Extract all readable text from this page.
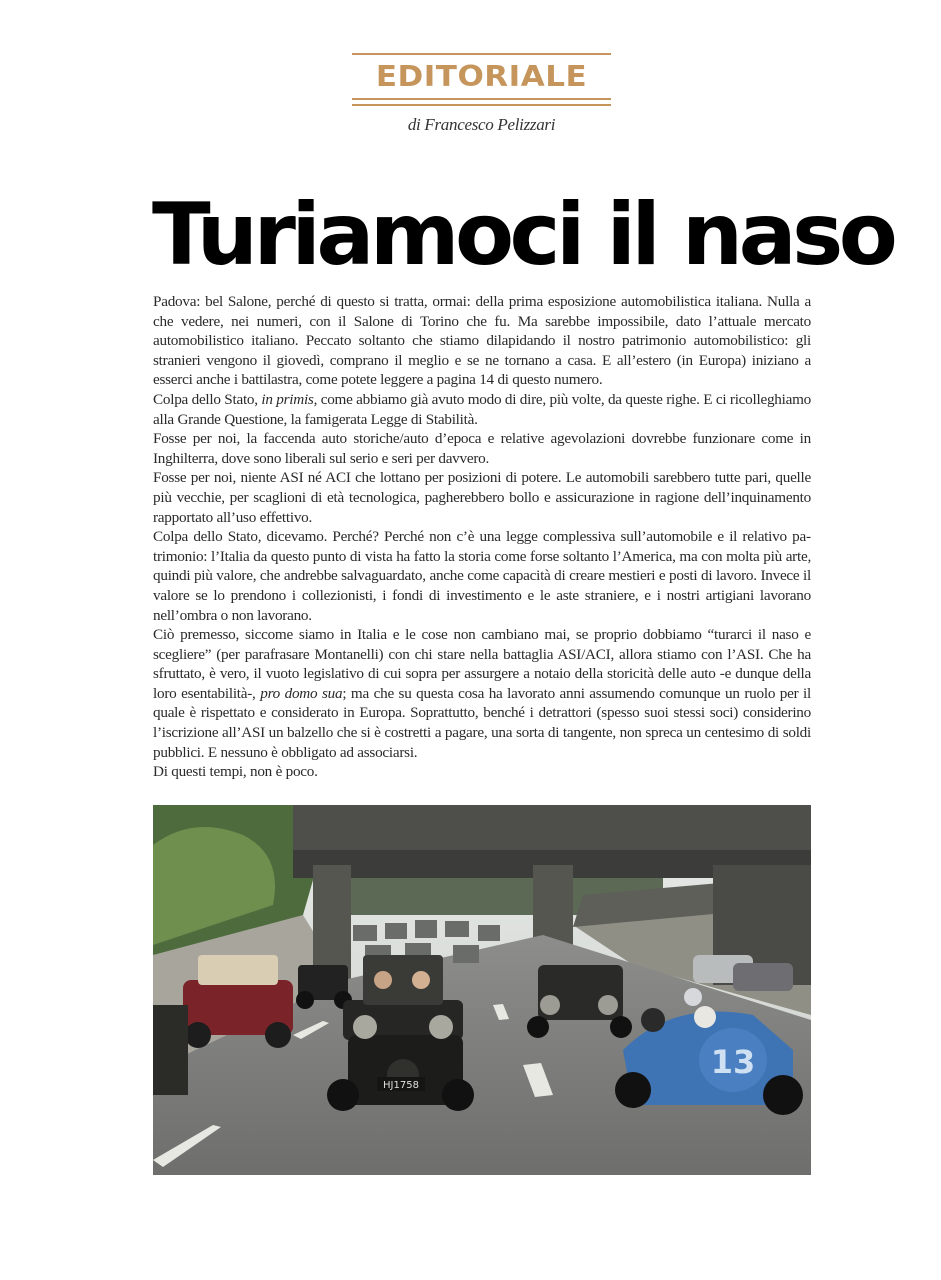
EDITORIALE
di Francesco Pelizzari
Turiamoci il naso

Padova: bel Salone, perché di questo si tratta, ormai: della prima esposizione automobilistica italiana. Nulla a che vedere, nei numeri, con il Salone di Torino che fu. Ma sarebbe impossibile, dato l’attuale mercato automobilistico italiano. Peccato soltanto che stiamo dilapidando il nostro patrimonio automobilistico: gli stranieri vengono il giovedì, comprano il meglio e se ne tornano a casa. E all’estero (in Europa) iniziano a esserci anche i battilastra, come potete leggere a pagina 14 di questo numero.

Colpa dello Stato, in primis, come abbiamo già avuto modo di dire, più volte, da queste righe. E ci ricolleghiamo alla Grande Questione, la famigerata Legge di Stabilità.

Fosse per noi, la faccenda auto storiche/auto d’epoca e relative agevolazioni dovrebbe funzionare come in Inghilterra, dove sono liberali sul serio e seri per davvero.

Fosse per noi, niente ASI né ACI che lottano per posizioni di potere. Le automobili sarebbero tutte pari, quelle più vecchie, per scaglioni di età tecnologica, pagherebbero bollo e assicurazione in ragione dell’inquinamento rapportato all’uso effettivo.

Colpa dello Stato, dicevamo. Perché? Perché non c’è una legge complessiva sull’automobile e il relativo patrimonio: l’Italia da questo punto di vista ha fatto la storia come forse soltanto l’America, ma con molta più arte, quindi più valore, che andrebbe salvaguardato, anche come capacità di creare mestieri e posti di lavoro. Invece il valore se lo prendono i collezionisti, i fondi di investimento e le aste straniere, e i nostri artigiani lavorano nell’ombra o non lavorano.

Ciò premesso, siccome siamo in Italia e le cose non cambiano mai, se proprio dobbiamo “turarci il naso e scegliere” (per parafrasare Montanelli) con chi stare nella battaglia ASI/ACI, allora stiamo con l’ASI. Che ha sfruttato, è vero, il vuoto legislativo di cui sopra per assurgere a notaio della storicità delle auto -e dunque della loro esentabilità-, pro domo sua; ma che su questa cosa ha lavorato anni assumendo comunque un ruolo per il quale è rispettato e considerato in Europa. Soprattutto, benché i detrattori (spesso suoi stessi soci) considerino l’iscrizione all’ASI un balzello che si è costretti a pagare, una sorta di tangente, non spreca un centesimo di soldi pubblici. E nessuno è obbligato ad associarsi.

Di questi tempi, non è poco.

HJ1758
13
